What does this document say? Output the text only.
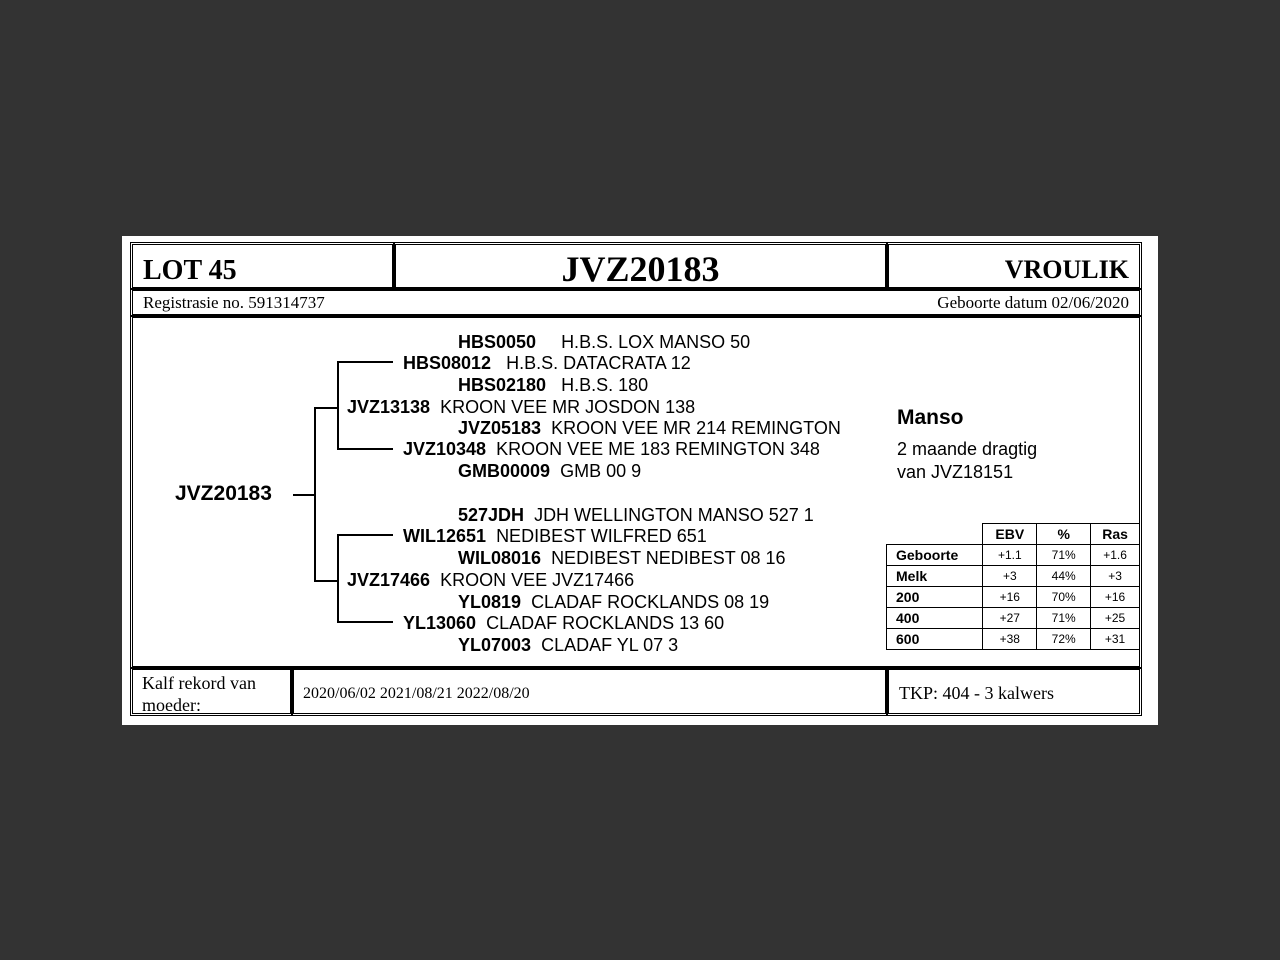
LOT 45	JVZ20183	VROULIK
Registrasie no. 591314737	Geboorte datum 02/06/2020
JVZ20183
JVZ13138 KROON VEE MR JOSDON 138
HBS0050 H.B.S. LOX MANSO 50
HBS08012 H.B.S. DATACRATA 12
HBS02180 H.B.S. 180
JVZ05183 KROON VEE MR 214 REMINGTON
JVZ10348 KROON VEE ME 183 REMINGTON 348
GMB00009 GMB 00 9
JVZ17466 KROON VEE JVZ17466
527JDH JDH WELLINGTON MANSO 527 1
WIL12651 NEDIBEST WILFRED 651
WIL08016 NEDIBEST NEDIBEST 08 16
YL0819 CLADAF ROCKLANDS 08 19
YL13060 CLADAF ROCKLANDS 13 60
YL07003 CLADAF YL 07 3
Manso
2 maande dragtig
van JVZ18151
	EBV	%	Ras
Geboorte	+1.1	71%	+1.6
Melk	+3	44%	+3
200	+16	70%	+16
400	+27	71%	+25
600	+38	72%	+31
Kalf rekord van
moeder:
2020/06/02 2021/08/21 2022/08/20	TKP: 404 - 3 kalwers
